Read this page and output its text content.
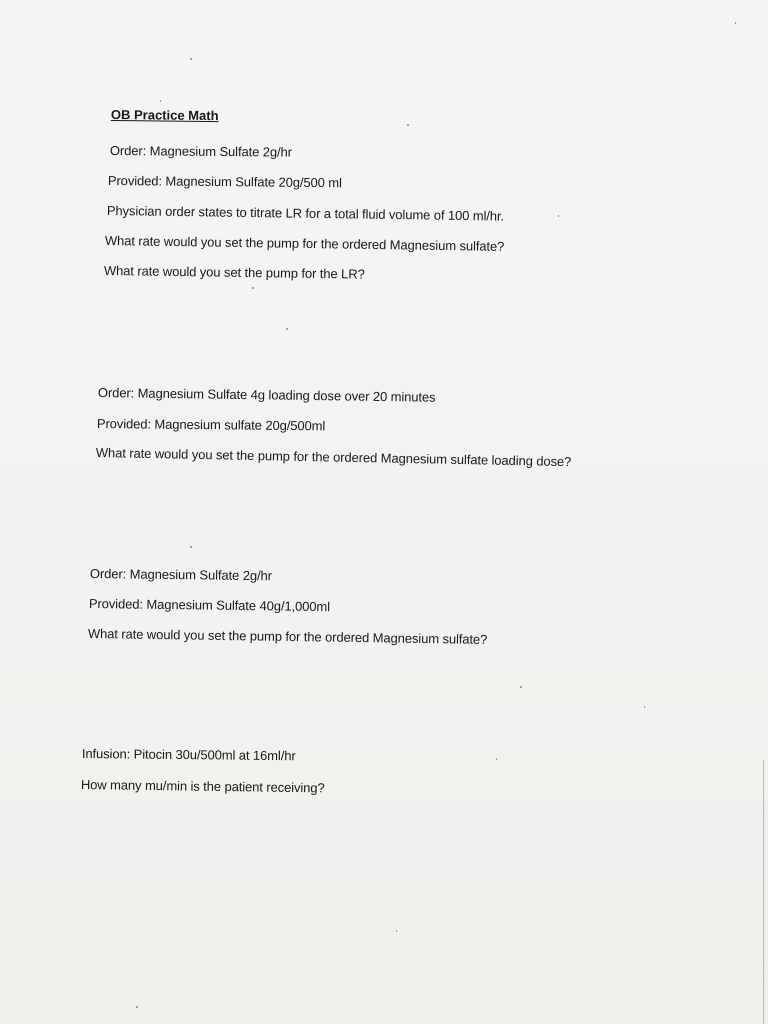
OB Practice Math
Order: Magnesium Sulfate 2g/hr
Provided: Magnesium Sulfate 20g/500 ml
Physician order states to titrate LR for a total fluid volume of 100 ml/hr.
What rate would you set the pump for the ordered Magnesium sulfate?
What rate would you set the pump for the LR?
Order: Magnesium Sulfate 4g loading dose over 20 minutes
Provided: Magnesium sulfate 20g/500ml
What rate would you set the pump for the ordered Magnesium sulfate loading dose?
Order: Magnesium Sulfate 2g/hr
Provided: Magnesium Sulfate 40g/1,000ml
What rate would you set the pump for the ordered Magnesium sulfate?
Infusion: Pitocin 30u/500ml at 16ml/hr
How many mu/min is the patient receiving?
